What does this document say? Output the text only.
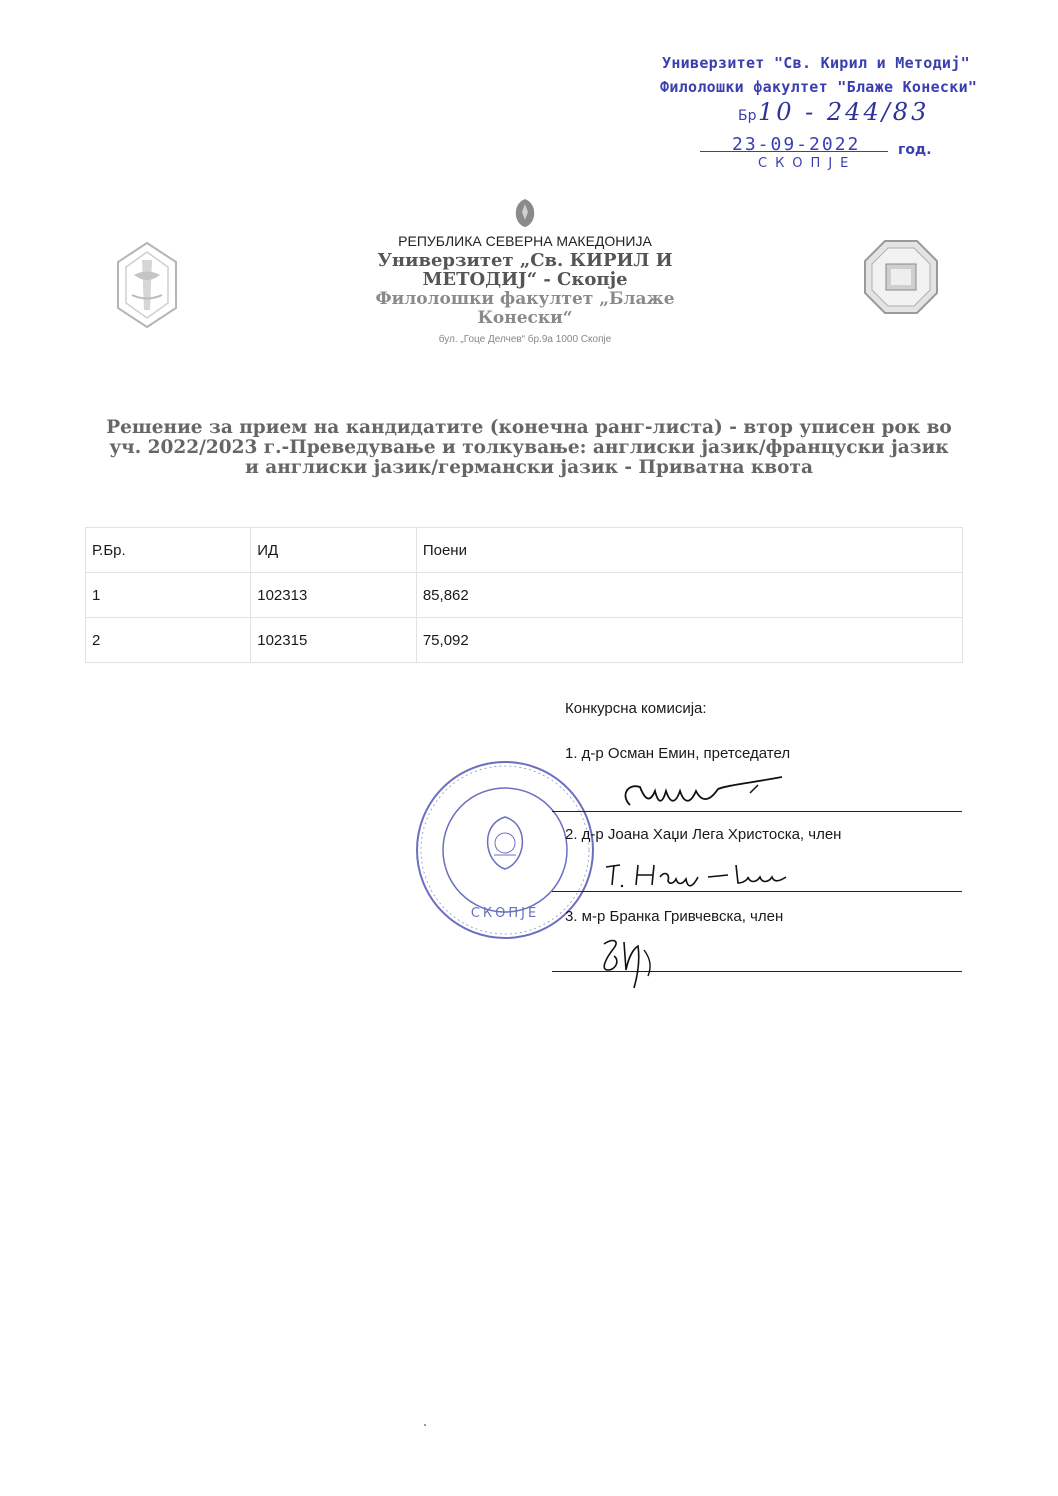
Универзитет "Св. Кирил и Методиј"
Филолошки факултет "Блаже Конески"
Бр 10 - 244/83
23-09-2022	год.
СКОПЈЕ
РЕПУБЛИКА СЕВЕРНА МАКЕДОНИЈА
Универзитет „Св. КИРИЛ И МЕТОДИЈ“ - Скопје
Филолошки факултет „Блаже Конески“
бул. „Гоце Делчев“ бр.9а 1000 Скопје
Решение за прием на кандидатите (конечна ранг-листа) - втор уписен рок во уч. 2022/2023 г.-Преведување и толкување: англиски јазик/француски јазик и англиски јазик/германски јазик - Приватна квота
Р.Бр.	ИД	Поени
1	102313	85,862
2	102315	75,092
СКОПЈЕ
Конкурсна комисија:
1. д-р Осман Емин, претседател
2. д-р Јоана Хаџи Лега Христоска, член
3. м-р Бранка Гривчевска, член
